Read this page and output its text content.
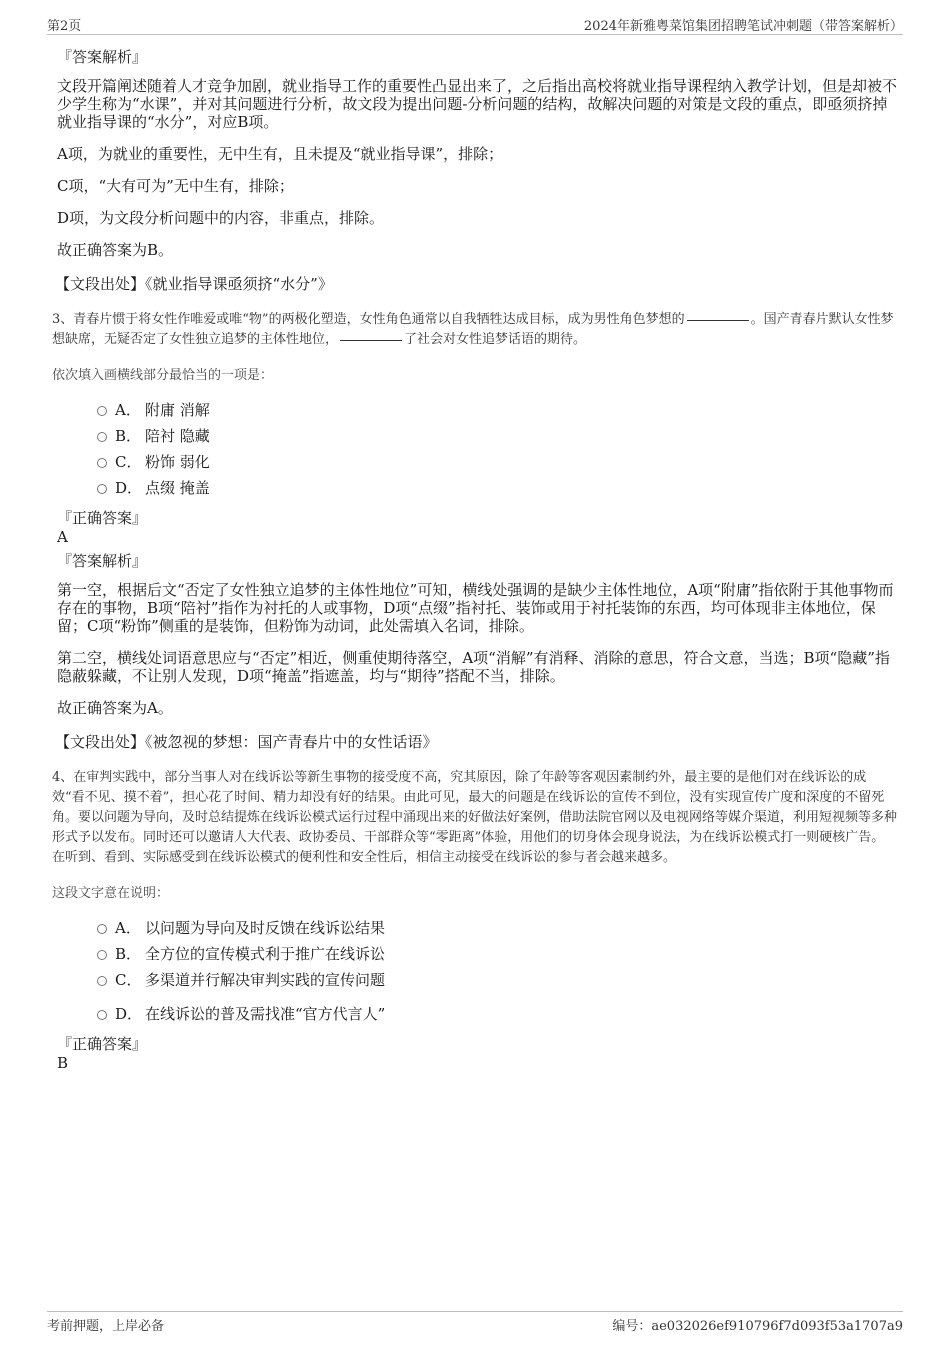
第2页	2024年新雅粤菜馆集团招聘笔试冲刺题（带答案解析）
『答案解析』
文段开篇阐述随着人才竞争加剧，就业指导工作的重要性凸显出来了，之后指出高校将就业指导课程纳入教学计划，但是却被不少学生称为“水课”，并对其问题进行分析，故文段为提出问题-分析问题的结构，故解决问题的对策是文段的重点，即亟须挤掉就业指导课的“水分”，对应B项。
A项，为就业的重要性，无中生有，且未提及“就业指导课”，排除；
C项，“大有可为”无中生有，排除；
D项，为文段分析问题中的内容，非重点，排除。
故正确答案为B。
【文段出处】《就业指导课亟须挤“水分”》
3、青春片惯于将女性作唯爱或唯“物”的两极化塑造，女性角色通常以自我牺牲达成目标，成为男性角色梦想的	。国产青春片默认女性梦想缺席，无疑否定了女性独立追梦的主体性地位，	了社会对女性追梦话语的期待。
依次填入画横线部分最恰当的一项是：
A． 附庸 消解
B． 陪衬 隐藏
C． 粉饰 弱化
D． 点缀 掩盖
『正确答案』
A
『答案解析』
第一空，根据后文“否定了女性独立追梦的主体性地位”可知，横线处强调的是缺少主体性地位，A项“附庸”指依附于其他事物而存在的事物，B项“陪衬”指作为衬托的人或事物，D项“点缀”指衬托、装饰或用于衬托装饰的东西，均可体现非主体地位，保留；C项“粉饰”侧重的是装饰，但粉饰为动词，此处需填入名词，排除。
第二空，横线处词语意思应与“否定”相近，侧重使期待落空，A项“消解”有消释、消除的意思，符合文意，当选；B项“隐藏”指隐蔽躲藏，不让别人发现，D项“掩盖”指遮盖，均与“期待”搭配不当，排除。
故正确答案为A。
【文段出处】《被忽视的梦想：国产青春片中的女性话语》
4、在审判实践中，部分当事人对在线诉讼等新生事物的接受度不高，究其原因，除了年龄等客观因素制约外，最主要的是他们对在线诉讼的成效“看不见、摸不着”，担心花了时间、精力却没有好的结果。由此可见，最大的问题是在线诉讼的宣传不到位，没有实现宣传广度和深度的不留死角。要以问题为导向，及时总结提炼在线诉讼模式运行过程中涌现出来的好做法好案例，借助法院官网以及电视网络等媒介渠道，利用短视频等多种形式予以发布。同时还可以邀请人大代表、政协委员、干部群众等“零距离”体验，用他们的切身体会现身说法，为在线诉讼模式打一则硬核广告。在听到、看到、实际感受到在线诉讼模式的便利性和安全性后，相信主动接受在线诉讼的参与者会越来越多。
这段文字意在说明：
A． 以问题为导向及时反馈在线诉讼结果
B． 全方位的宣传模式利于推广在线诉讼
C． 多渠道并行解决审判实践的宣传问题
D． 在线诉讼的普及需找准“官方代言人”
『正确答案』
B
考前押题，上岸必备	编号：ae032026ef910796f7d093f53a1707a9
